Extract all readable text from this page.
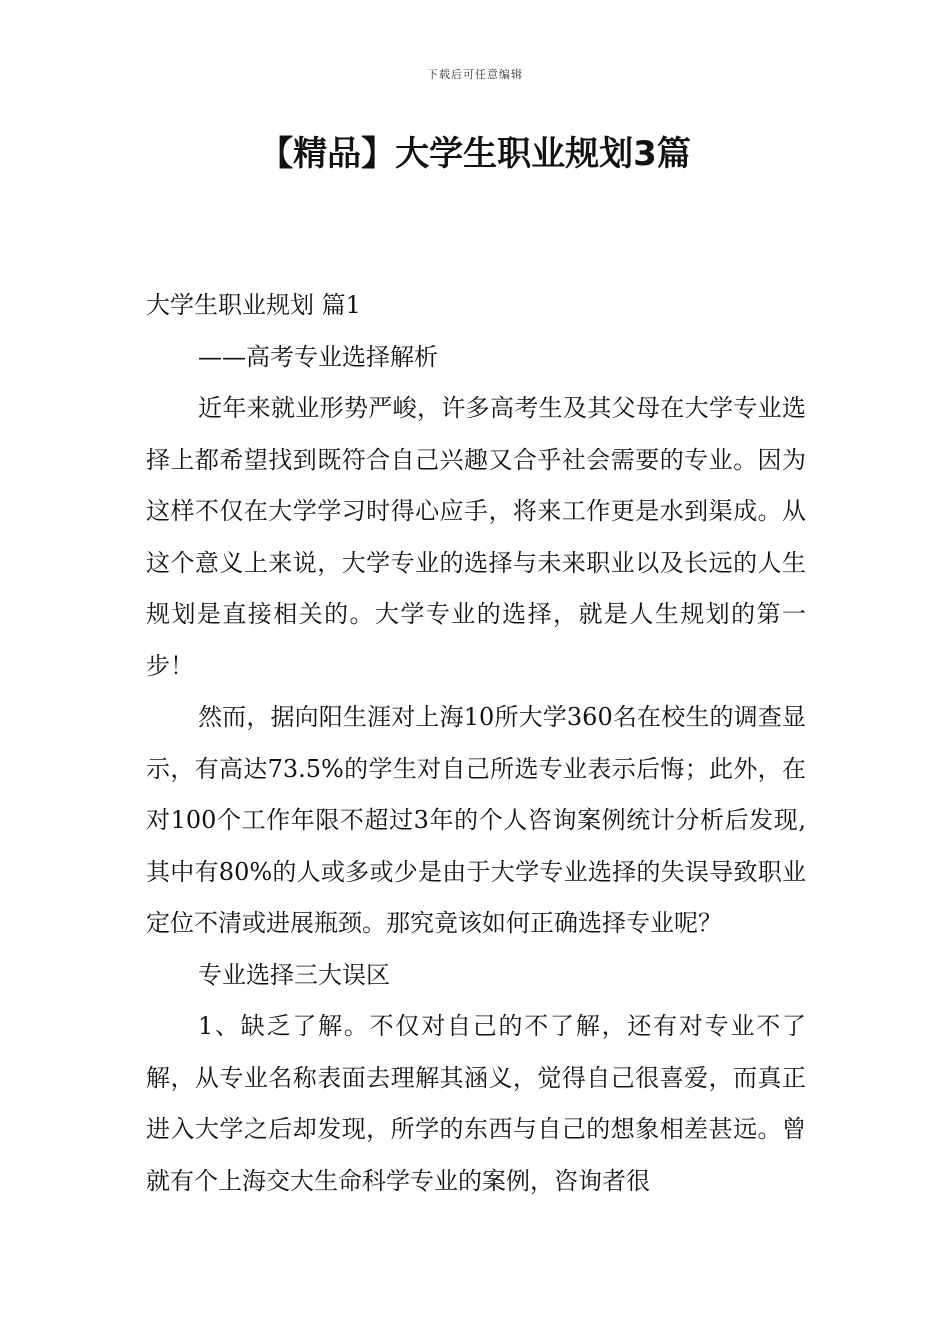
下载后可任意编辑
【精品】大学生职业规划3篇

大学生职业规划 篇1

——高考专业选择解析

近年来就业形势严峻，许多高考生及其父母在大学专业选择上都希望找到既符合自己兴趣又合乎社会需要的专业。因为这样不仅在大学学习时得心应手，将来工作更是水到渠成。从这个意义上来说，大学专业的选择与未来职业以及长远的人生规划是直接相关的。大学专业的选择，就是人生规划的第一步！

然而，据向阳生涯对上海10所大学360名在校生的调查显示，有高达73.5%的学生对自己所选专业表示后悔；此外，在对100个工作年限不超过3年的个人咨询案例统计分析后发现,其中有80%的人或多或少是由于大学专业选择的失误导致职业定位不清或进展瓶颈。那究竟该如何正确选择专业呢？

专业选择三大误区

1、缺乏了解。不仅对自己的不了解，还有对专业不了解，从专业名称表面去理解其涵义，觉得自己很喜爱，而真正进入大学之后却发现，所学的东西与自己的想象相差甚远。曾就有个上海交大生命科学专业的案例，咨询者很
